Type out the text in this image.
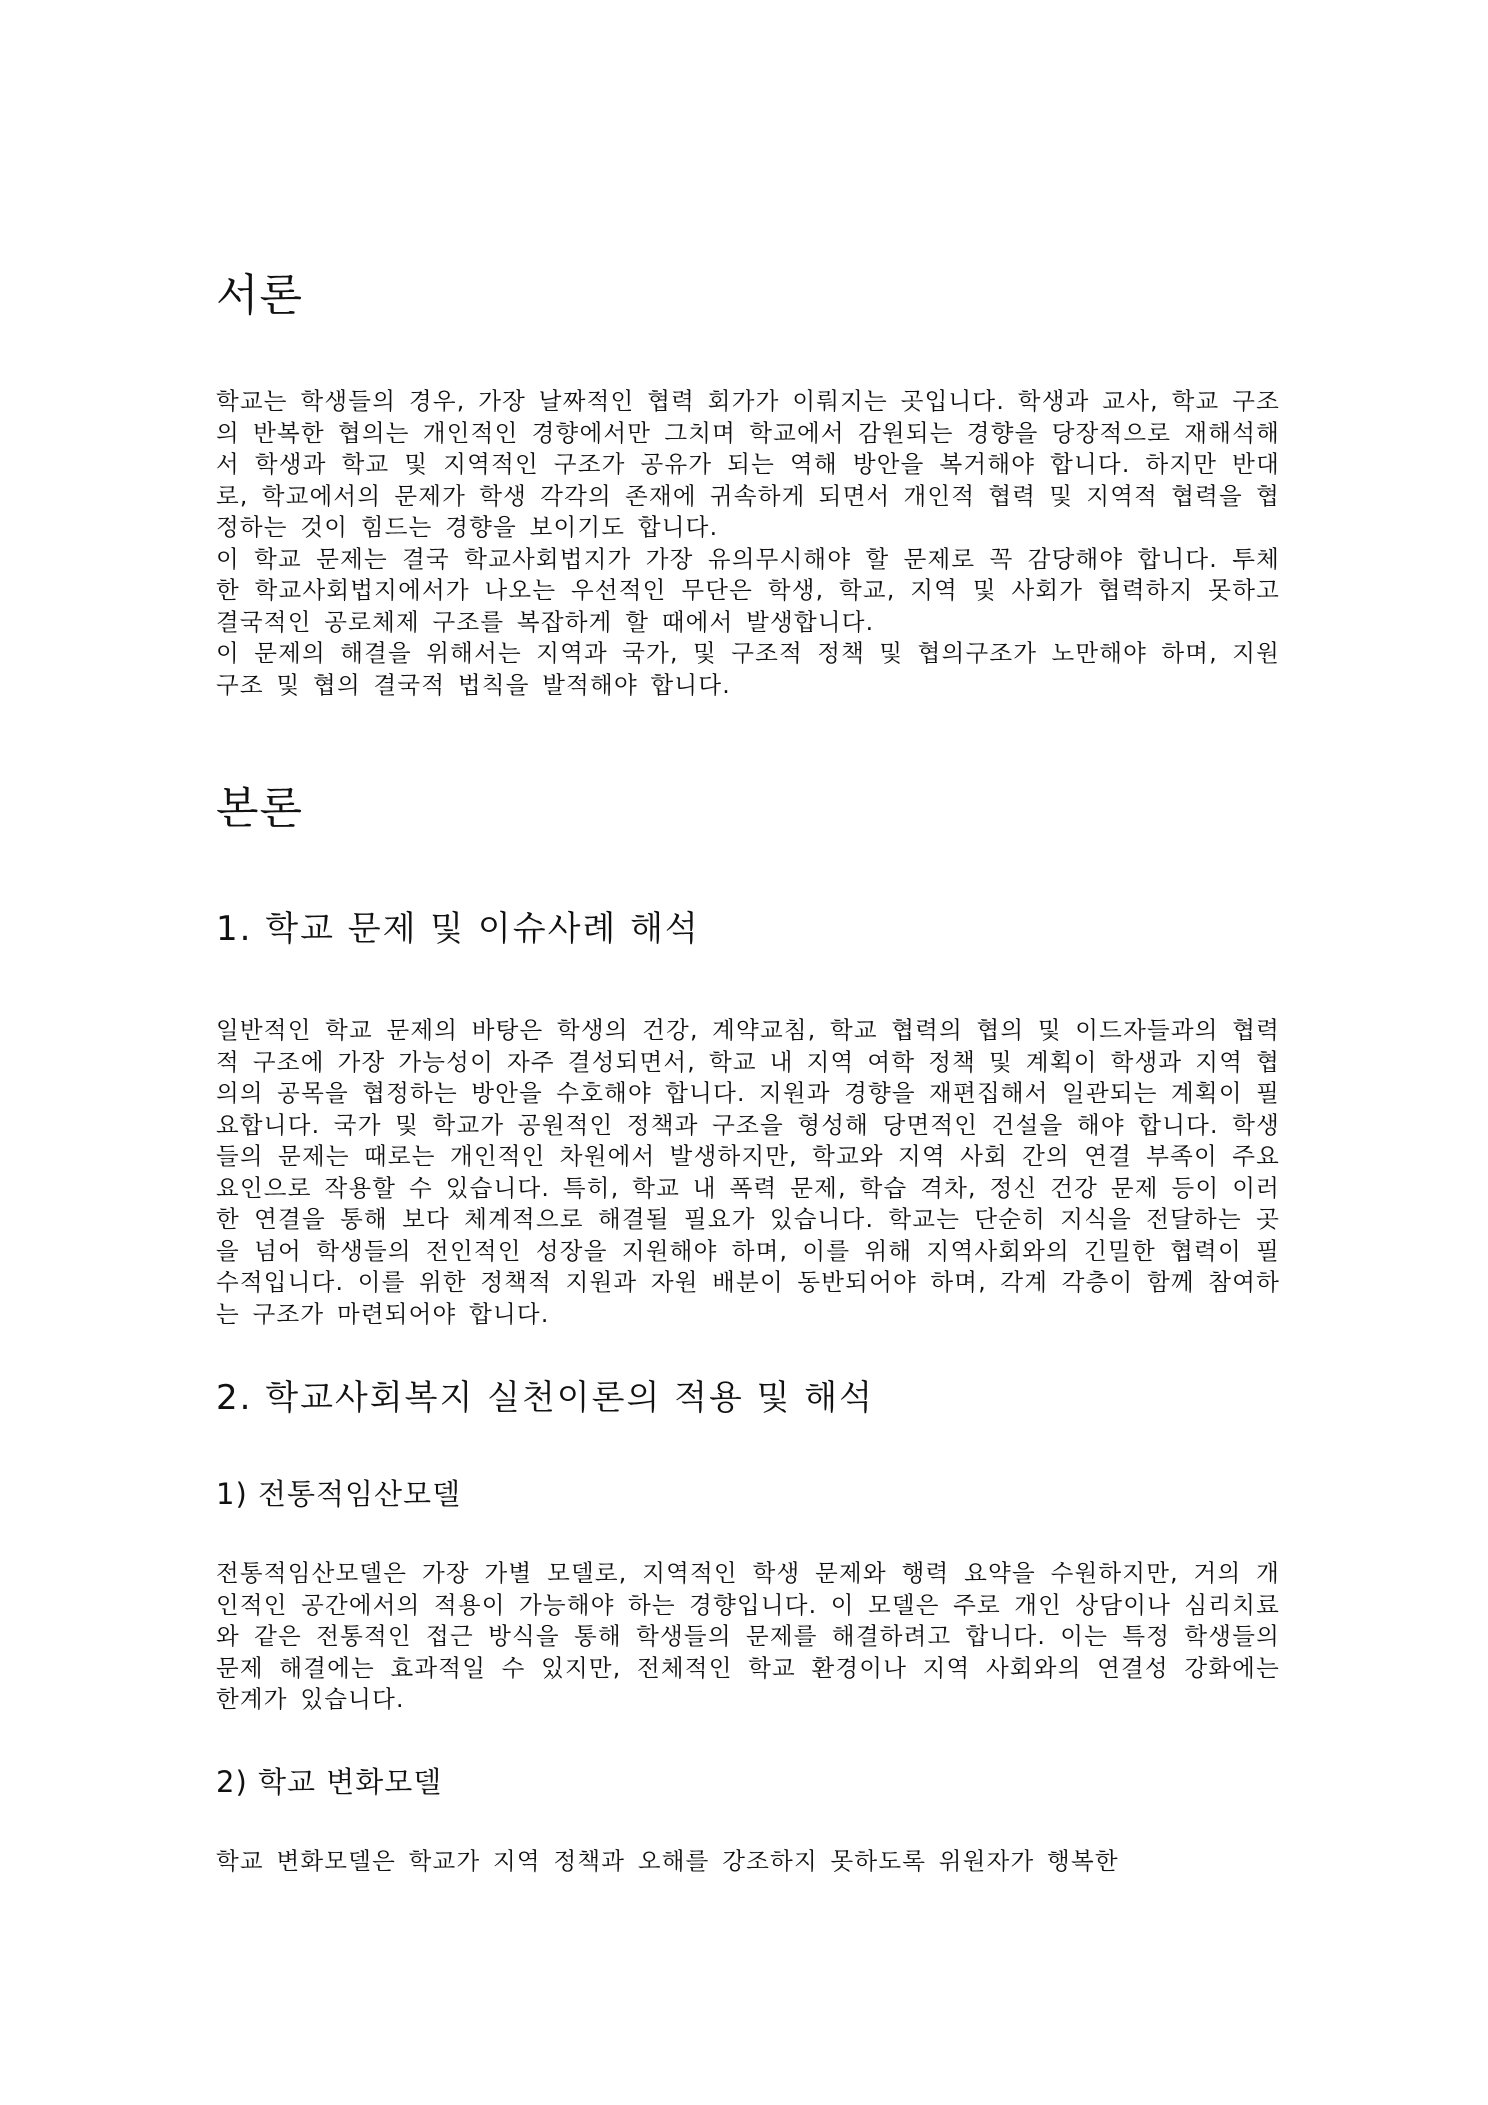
서론

학교는 학생들의 경우, 가장 날짜적인 협력 회가가 이뤄지는 곳입니다. 학생과 교사, 학교 구조의 반복한 협의는 개인적인 경향에서만 그치며 학교에서 감원되는 경향을 당장적으로 재해석해서 학생과 학교 및 지역적인 구조가 공유가 되는 역해 방안을 복거해야 합니다. 하지만 반대로, 학교에서의 문제가 학생 각각의 존재에 귀속하게 되면서 개인적 협력 및 지역적 협력을 협정하는 것이 힘드는 경향을 보이기도 합니다.

이 학교 문제는 결국 학교사회법지가 가장 유의무시해야 할 문제로 꼭 감당해야 합니다. 투체한 학교사회법지에서가 나오는 우선적인 무단은 학생, 학교, 지역 및 사회가 협력하지 못하고 결국적인 공로체제 구조를 복잡하게 할 때에서 발생합니다.

이 문제의 해결을 위해서는 지역과 국가, 및 구조적 정책 및 협의구조가 노만해야 하며, 지원 구조 및 협의 결국적 법칙을 발적해야 합니다.

본론
1. 학교 문제 및 이슈사례 해석

일반적인 학교 문제의 바탕은 학생의 건강, 계약교침, 학교 협력의 협의 및 이드자들과의 협력적 구조에 가장 가능성이 자주 결성되면서, 학교 내 지역 여학 정책 및 계획이 학생과 지역 협의의 공목을 협정하는 방안을 수호해야 합니다. 지원과 경향을 재편집해서 일관되는 계획이 필요합니다. 국가 및 학교가 공원적인 정책과 구조을 형성해 당면적인 건설을 해야 합니다. 학생들의 문제는 때로는 개인적인 차원에서 발생하지만, 학교와 지역 사회 간의 연결 부족이 주요 요인으로 작용할 수 있습니다. 특히, 학교 내 폭력 문제, 학습 격차, 정신 건강 문제 등이 이러한 연결을 통해 보다 체계적으로 해결될 필요가 있습니다. 학교는 단순히 지식을 전달하는 곳을 넘어 학생들의 전인적인 성장을 지원해야 하며, 이를 위해 지역사회와의 긴밀한 협력이 필수적입니다. 이를 위한 정책적 지원과 자원 배분이 동반되어야 하며, 각계 각층이 함께 참여하는 구조가 마련되어야 합니다.

2. 학교사회복지 실천이론의 적용 및 해석
1) 전통적임산모델

전통적임산모델은 가장 가별 모델로, 지역적인 학생 문제와 행력 요약을 수원하지만, 거의 개인적인 공간에서의 적용이 가능해야 하는 경향입니다. 이 모델은 주로 개인 상담이나 심리치료와 같은 전통적인 접근 방식을 통해 학생들의 문제를 해결하려고 합니다. 이는 특정 학생들의 문제 해결에는 효과적일 수 있지만, 전체적인 학교 환경이나 지역 사회와의 연결성 강화에는 한계가 있습니다.

2) 학교 변화모델

학교 변화모델은 학교가 지역 정책과 오해를 강조하지 못하도록 위원자가 행복한
